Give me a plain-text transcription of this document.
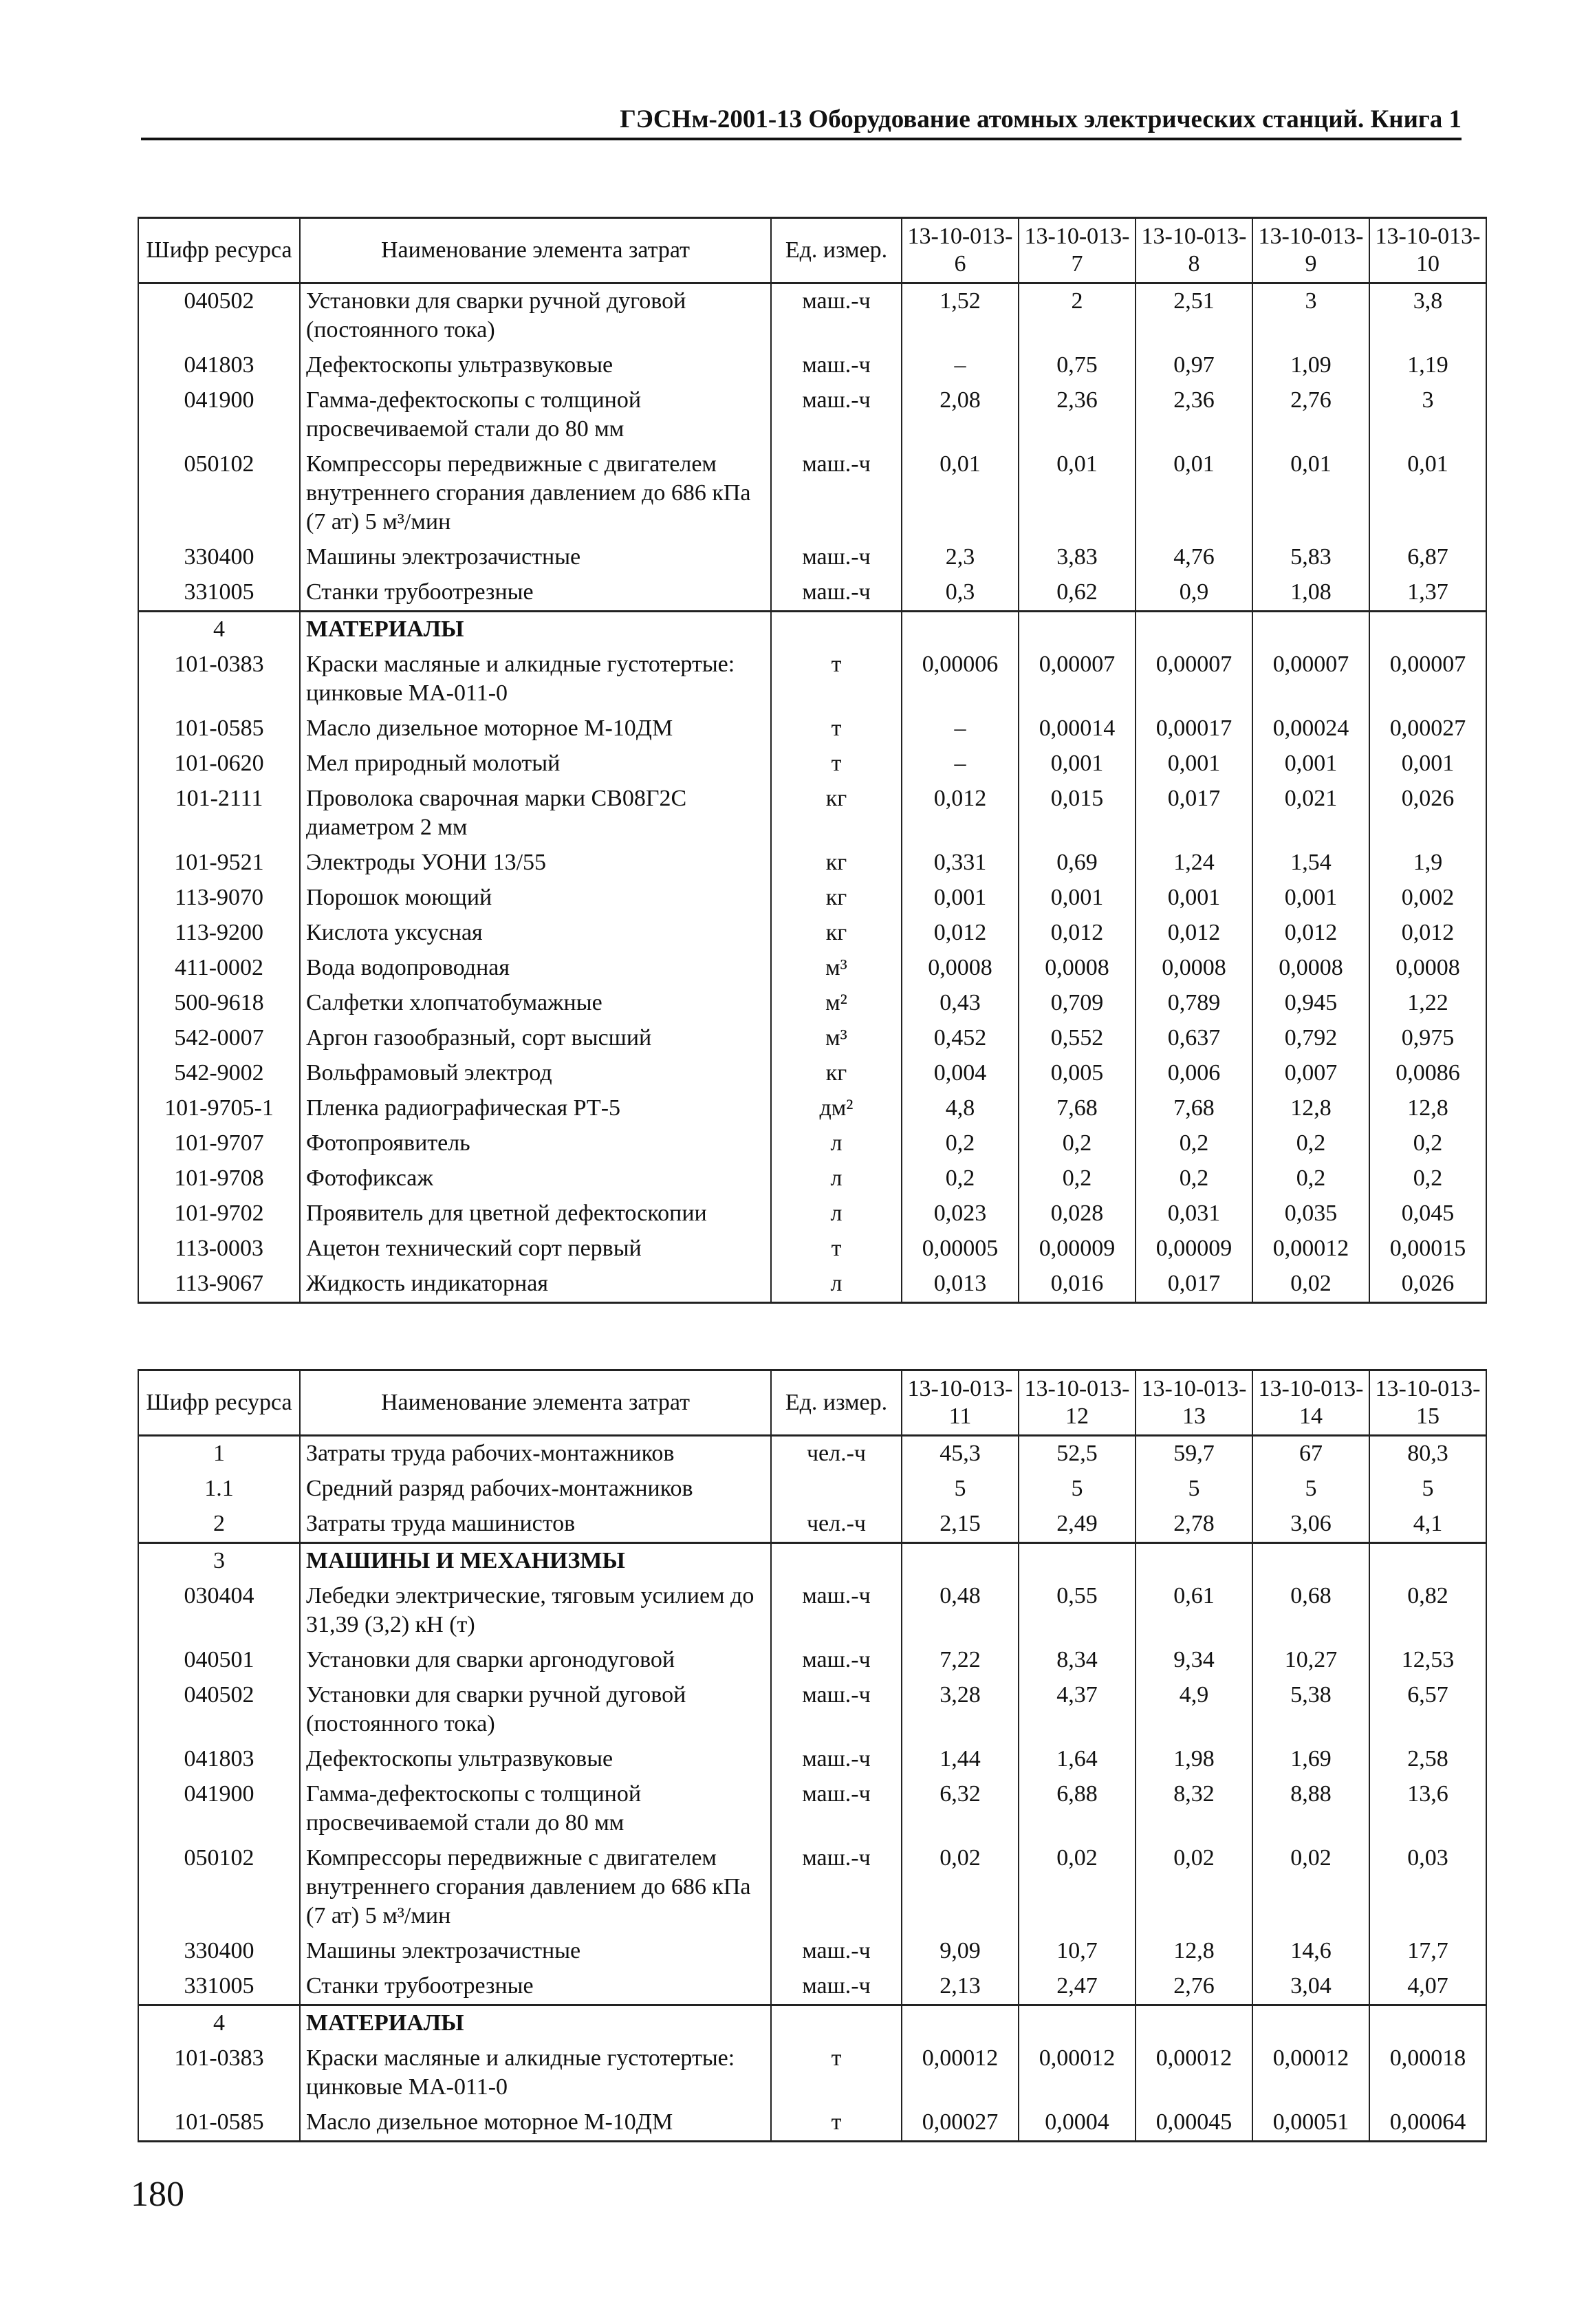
ГЭСНм-2001-13 Оборудование атомных электрических станций. Книга 1
Шифр ресурса	Наименование элемента затрат	Ед. измер.	13-10-013-6	13-10-013-7	13-10-013-8	13-10-013-9	13-10-013-10
040502	Установки для сварки ручной дуговой (постоянного тока)	маш.-ч	1,52	2	2,51	3	3,8
041803	Дефектоскопы ультразвуковые	маш.-ч	–	0,75	0,97	1,09	1,19
041900	Гамма-дефектоскопы с толщиной просвечиваемой стали до 80 мм	маш.-ч	2,08	2,36	2,36	2,76	3
050102	Компрессоры передвижные с двигателем внутреннего сгорания давлением до 686 кПа (7 ат) 5 м³/мин	маш.-ч	0,01	0,01	0,01	0,01	0,01
330400	Машины электрозачистные	маш.-ч	2,3	3,83	4,76	5,83	6,87
331005	Станки трубоотрезные	маш.-ч	0,3	0,62	0,9	1,08	1,37
4	МАТЕРИАЛЫ						
101-0383	Краски масляные и алкидные густотертые: цинковые МА-011-0	т	0,00006	0,00007	0,00007	0,00007	0,00007
101-0585	Масло дизельное моторное М-10ДМ	т	–	0,00014	0,00017	0,00024	0,00027
101-0620	Мел природный молотый	т	–	0,001	0,001	0,001	0,001
101-2111	Проволока сварочная марки СВ08Г2С диаметром 2 мм	кг	0,012	0,015	0,017	0,021	0,026
101-9521	Электроды УОНИ 13/55	кг	0,331	0,69	1,24	1,54	1,9
113-9070	Порошок моющий	кг	0,001	0,001	0,001	0,001	0,002
113-9200	Кислота уксусная	кг	0,012	0,012	0,012	0,012	0,012
411-0002	Вода водопроводная	м³	0,0008	0,0008	0,0008	0,0008	0,0008
500-9618	Салфетки хлопчатобумажные	м²	0,43	0,709	0,789	0,945	1,22
542-0007	Аргон газообразный, сорт высший	м³	0,452	0,552	0,637	0,792	0,975
542-9002	Вольфрамовый электрод	кг	0,004	0,005	0,006	0,007	0,0086
101-9705-1	Пленка радиографическая РТ-5	дм²	4,8	7,68	7,68	12,8	12,8
101-9707	Фотопроявитель	л	0,2	0,2	0,2	0,2	0,2
101-9708	Фотофиксаж	л	0,2	0,2	0,2	0,2	0,2
101-9702	Проявитель для цветной дефектоскопии	л	0,023	0,028	0,031	0,035	0,045
113-0003	Ацетон технический сорт первый	т	0,00005	0,00009	0,00009	0,00012	0,00015
113-9067	Жидкость индикаторная	л	0,013	0,016	0,017	0,02	0,026
Шифр ресурса	Наименование элемента затрат	Ед. измер.	13-10-013-11	13-10-013-12	13-10-013-13	13-10-013-14	13-10-013-15
1	Затраты труда рабочих-монтажников	чел.-ч	45,3	52,5	59,7	67	80,3
1.1	Средний разряд рабочих-монтажников		5	5	5	5	5
2	Затраты труда машинистов	чел.-ч	2,15	2,49	2,78	3,06	4,1
3	МАШИНЫ И МЕХАНИЗМЫ						
030404	Лебедки электрические, тяговым усилием до 31,39 (3,2) кН (т)	маш.-ч	0,48	0,55	0,61	0,68	0,82
040501	Установки для сварки аргонодуговой	маш.-ч	7,22	8,34	9,34	10,27	12,53
040502	Установки для сварки ручной дуговой (постоянного тока)	маш.-ч	3,28	4,37	4,9	5,38	6,57
041803	Дефектоскопы ультразвуковые	маш.-ч	1,44	1,64	1,98	1,69	2,58
041900	Гамма-дефектоскопы с толщиной просвечиваемой стали до 80 мм	маш.-ч	6,32	6,88	8,32	8,88	13,6
050102	Компрессоры передвижные с двигателем внутреннего сгорания давлением до 686 кПа (7 ат) 5 м³/мин	маш.-ч	0,02	0,02	0,02	0,02	0,03
330400	Машины электрозачистные	маш.-ч	9,09	10,7	12,8	14,6	17,7
331005	Станки трубоотрезные	маш.-ч	2,13	2,47	2,76	3,04	4,07
4	МАТЕРИАЛЫ						
101-0383	Краски масляные и алкидные густотертые: цинковые МА-011-0	т	0,00012	0,00012	0,00012	0,00012	0,00018
101-0585	Масло дизельное моторное М-10ДМ	т	0,00027	0,0004	0,00045	0,00051	0,00064
180
